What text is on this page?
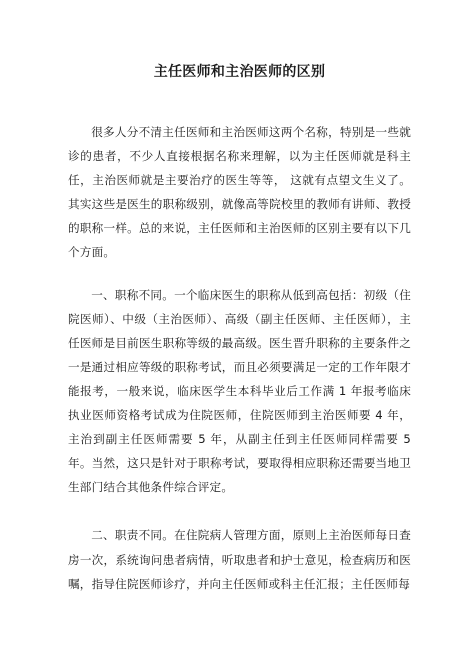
主任医师和主治医师的区别

很多人分不清主任医师和主治医师这两个名称，特别是一些就诊的患者，不少人直接根据名称来理解，以为主任医师就是科主任，主治医师就是主要治疗的医生等等， 这就有点望文生义了。其实这些是医生的职称级别，就像高等院校里的教师有讲师、教授的职称一样。总的来说，主任医师和主治医师的区别主要有以下几个方面。

一、职称不同。一个临床医生的职称从低到高包括：初级（住院医师）、中级（主治医师）、高级（副主任医师、主任医师），主任医师是目前医生职称等级的最高级。医生晋升职称的主要条件之一是通过相应等级的职称考试，而且必须要满足一定的工作年限才能报考，一般来说，临床医学生本科毕业后工作满 1 年报考临床执业医师资格考试成为住院医师，住院医师到主治医师要 4 年，主治到副主任医师需要 5 年，从副主任到主任医师同样需要 5 年。当然，这只是针对于职称考试，要取得相应职称还需要当地卫生部门结合其他条件综合评定。

二、职责不同。在住院病人管理方面，原则上主治医师每日查房一次，系统询问患者病情，听取患者和护士意见，检查病历和医嘱，指导住院医师诊疗，并向主任医师或科主任汇报；主任医师每
